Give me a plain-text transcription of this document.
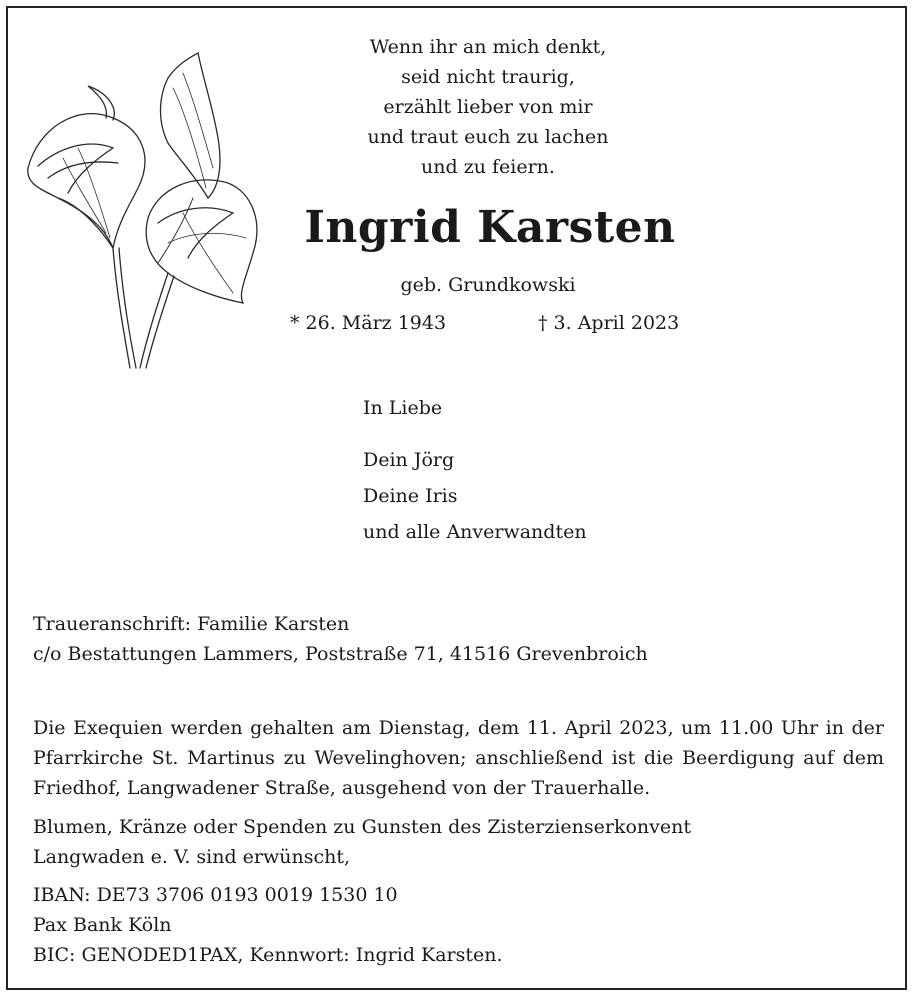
Wenn ihr an mich denkt,
seid nicht traurig,
erzählt lieber von mir
und traut euch zu lachen
und zu feiern.
Ingrid Karsten
geb. Grundkowski
* 26. März 1943	† 3. April 2023
In Liebe
Dein Jörg
Deine Iris
und alle Anverwandten
Traueranschrift: Familie Karsten
c/o Bestattungen Lammers, Poststraße 71, 41516 Grevenbroich
Die Exequien werden gehalten am Dienstag, dem 11. April 2023, um 11.00 Uhr in der Pfarrkirche St. Martinus zu Wevelinghoven; anschließend ist die Beerdigung auf dem Friedhof, Langwadener Straße, ausgehend von der Trauerhalle.
Blumen, Kränze oder Spenden zu Gunsten des Zisterzienserkonvent
Langwaden e. V. sind erwünscht,
IBAN: DE73 3706 0193 0019 1530 10
Pax Bank Köln
BIC: GENODED1PAX, Kennwort: Ingrid Karsten.
